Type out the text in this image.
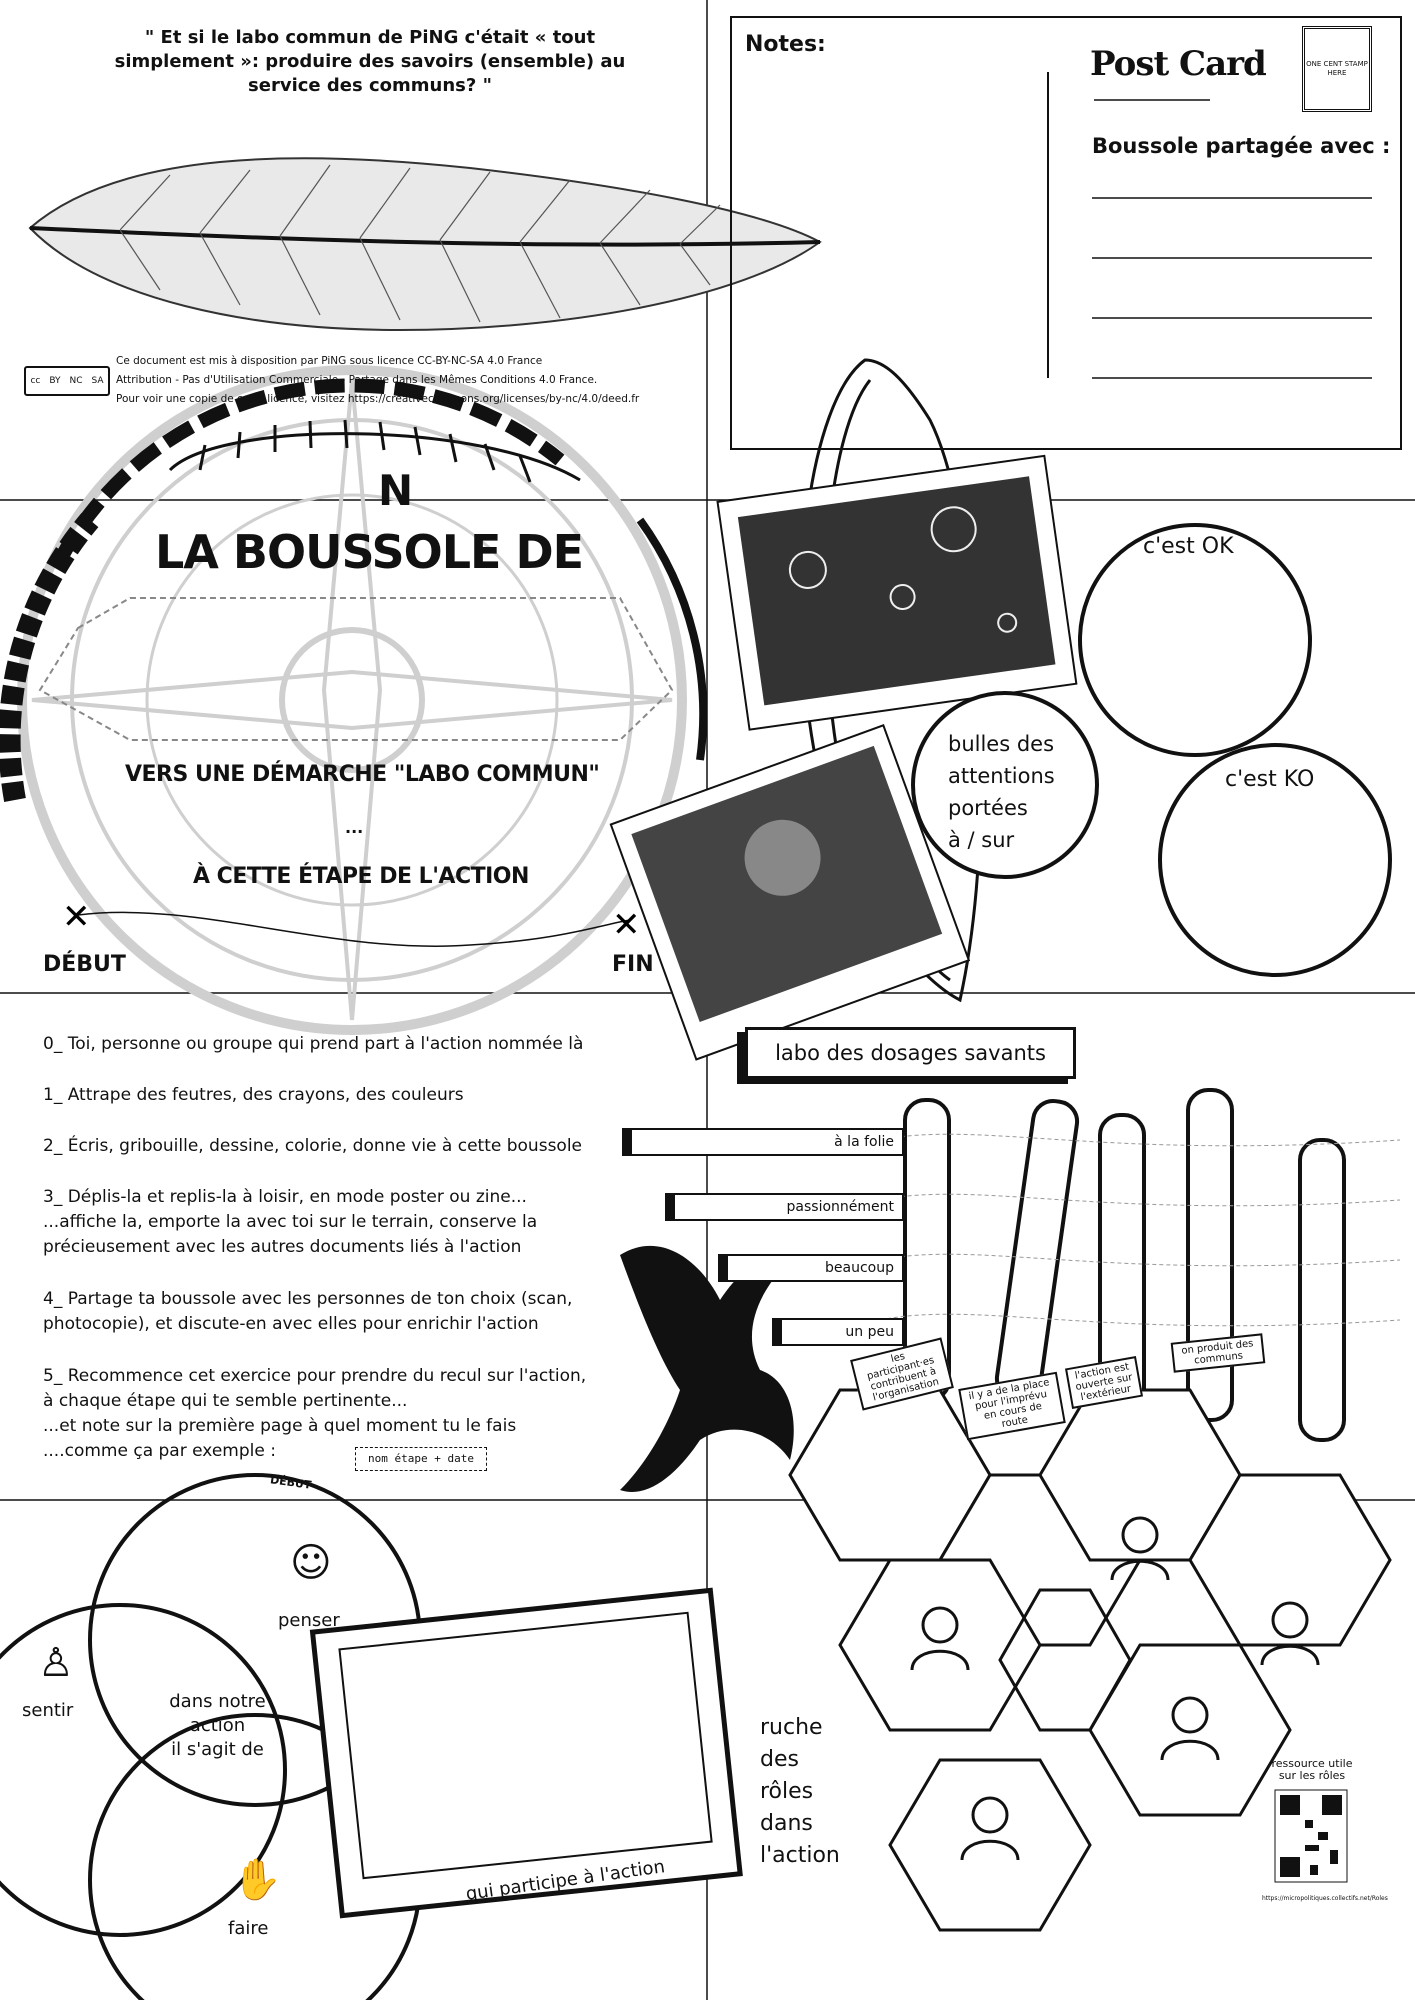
✕	✕
" Et si le labo commun de PiNG c'était « tout simplement »: produire des savoirs (ensemble) au service des communs? "
cc BY NC SA
Ce document est mis à disposition par PiNG sous licence CC-BY-NC-SA 4.0 France
Attribution - Pas d'Utilisation Commerciale - Partage dans les Mêmes Conditions 4.0 France.
Pour voir une copie de cette licence, visitez https://creativecommons.org/licenses/by-nc/4.0/deed.fr
Notes:	Post Card	ONE CENT STAMP HERE
Boussole partagée avec :
N
LA BOUSSOLE DE
VERS UNE DÉMARCHE "LABO COMMUN"
...
À CETTE ÉTAPE DE L'ACTION
DÉBUT	FIN
c'est OK
c'est KO
bulles des
attentions
portées
à / sur
0_ Toi, personne ou groupe qui prend part à l'action nommée là
1_ Attrape des feutres, des crayons, des couleurs
2_ Écris, gribouille, dessine, colorie, donne vie à cette boussole
3_ Déplis-la et replis-la à loisir, en mode poster ou zine...
...affiche la, emporte la avec toi sur le terrain, conserve la
précieusement avec les autres documents liés à l'action
4_ Partage ta boussole avec les personnes de ton choix (scan,
photocopie), et discute-en avec elles pour enrichir l'action
5_ Recommence cet exercice pour prendre du recul sur l'action,
à chaque étape qui te semble pertinente...
...et note sur la première page à quel moment tu le fais
....comme ça par exemple :	nom étape + date
DÉBUT
labo des dosages savants
à la folie
passionnément
beaucoup
un peu
les participant·es contribuent à l'organisation	il y a de la place pour l'imprévu en cours de route
l'action est ouverte sur l'extérieur
on produit des communs
dans notre
action
il s'agit de
penser
☺
sentir
♙
faire
✋	qui participe à l'action
ruche
des
rôles
dans
l'action
ressource utile
sur les rôles
https://micropolitiques.collectifs.net/Roles
